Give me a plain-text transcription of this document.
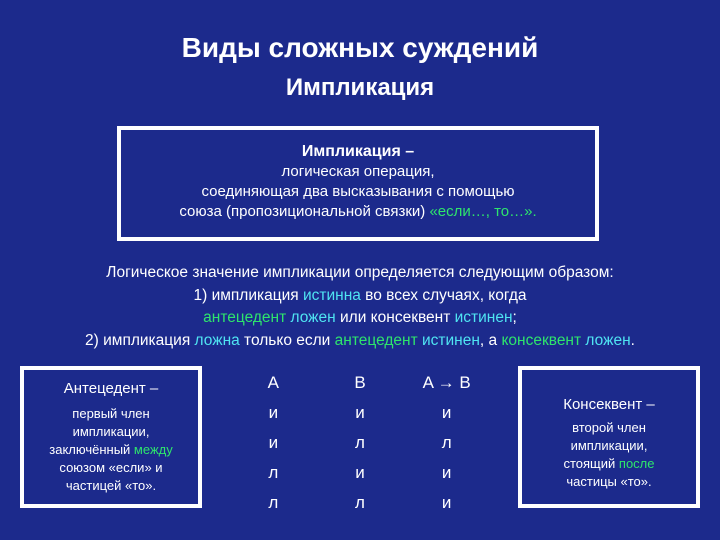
Виды сложных суждений
Импликация
Импликация –
логическая операция,
соединяющая два высказывания с помощью
союза (пропозициональной связки) «если…, то…».
Логическое значение импликации определяется следующим образом:
1) импликация истинна во всех случаях, когда
антецедент ложен или консеквент истинен;
2) импликация ложна только если антецедент истинен, а консеквент ложен.
Антецедент –
первый член
импликации,
заключённый между
союзом «если» и
частицей «то».
A	B	A → B
и	и	и
и	л	л
л	и	и
л	л	и
Консеквент –
второй член
импликации,
стоящий после
частицы «то».
